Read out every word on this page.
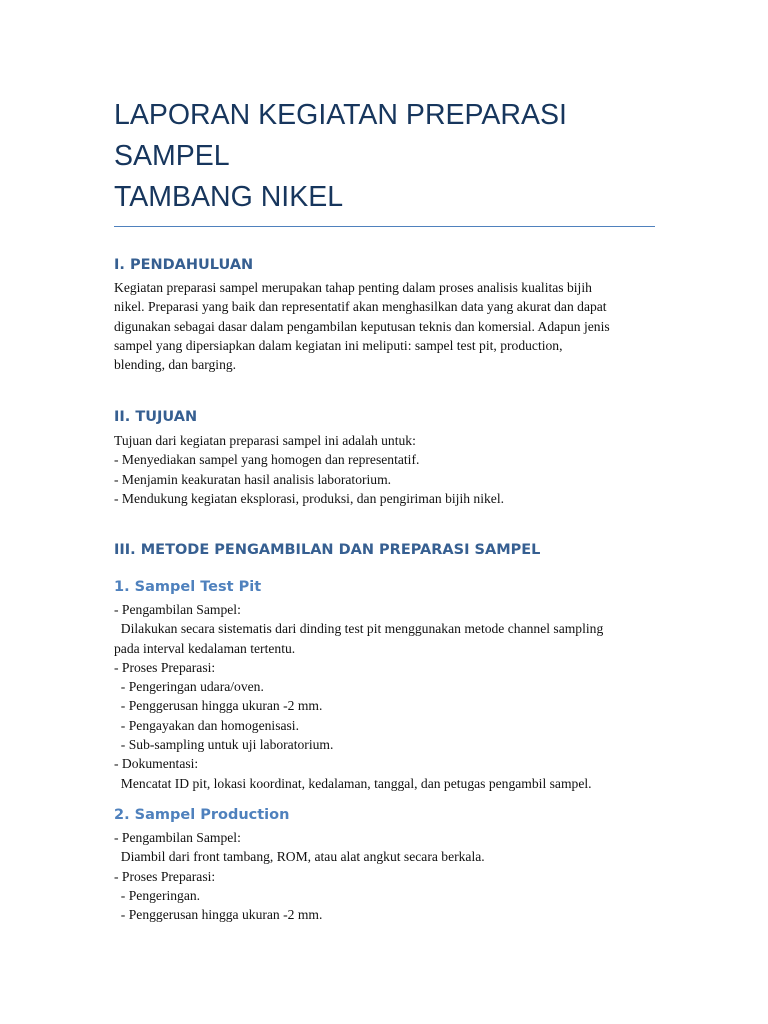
LAPORAN KEGIATAN PREPARASI
SAMPEL
TAMBANG NIKEL
I. PENDAHULUAN
Kegiatan preparasi sampel merupakan tahap penting dalam proses analisis kualitas bijih
nikel. Preparasi yang baik dan representatif akan menghasilkan data yang akurat dan dapat
digunakan sebagai dasar dalam pengambilan keputusan teknis dan komersial. Adapun jenis
sampel yang dipersiapkan dalam kegiatan ini meliputi: sampel test pit, production,
blending, dan barging.
II. TUJUAN
Tujuan dari kegiatan preparasi sampel ini adalah untuk:
- Menyediakan sampel yang homogen dan representatif.
- Menjamin keakuratan hasil analisis laboratorium.
- Mendukung kegiatan eksplorasi, produksi, dan pengiriman bijih nikel.
III. METODE PENGAMBILAN DAN PREPARASI SAMPEL
1. Sampel Test Pit
- Pengambilan Sampel:
Dilakukan secara sistematis dari dinding test pit menggunakan metode channel sampling
pada interval kedalaman tertentu.
- Proses Preparasi:
- Pengeringan udara/oven.
- Penggerusan hingga ukuran -2 mm.
- Pengayakan dan homogenisasi.
- Sub-sampling untuk uji laboratorium.
- Dokumentasi:
Mencatat ID pit, lokasi koordinat, kedalaman, tanggal, dan petugas pengambil sampel.
2. Sampel Production
- Pengambilan Sampel:
Diambil dari front tambang, ROM, atau alat angkut secara berkala.
- Proses Preparasi:
- Pengeringan.
- Penggerusan hingga ukuran -2 mm.
